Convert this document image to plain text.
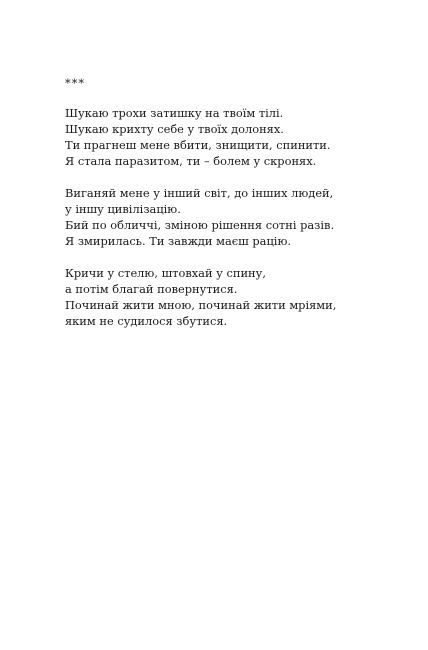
***
Шукаю трохи затишку на твоїм тілі.
Шукаю крихту себе у твоїх долонях.
Ти прагнеш мене вбити, знищити, спинити.
Я стала паразитом, ти – болем у скронях.
Виганяй мене у інший світ, до інших людей,
у іншу цивілізацію.
Бий по обличчі, зміною рішення сотні разів.
Я змирилась. Ти завжди маєш рацію.
Кричи у стелю, штовхай у спину,
а потім благай повернутися.
Починай жити мною, починай жити мріями,
яким не судилося збутися.
